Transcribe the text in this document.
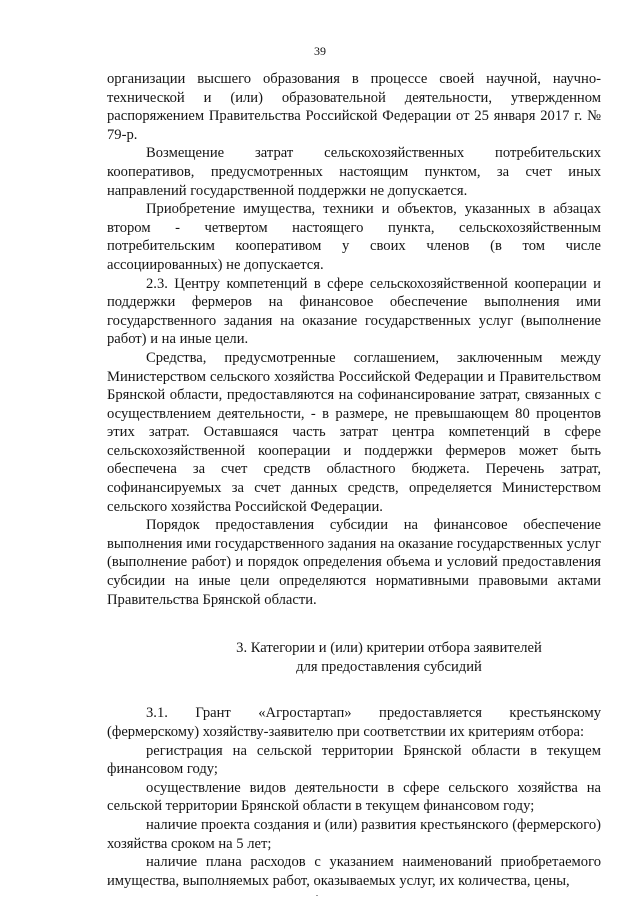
39

организации высшего образования в процессе своей научной, научно-технической и (или) образовательной деятельности, утвержденном распоряжением Правительства Российской Федерации от 25 января 2017 г. № 79-р.

Возмещение затрат сельскохозяйственных потребительских кооперативов, предусмотренных настоящим пунктом, за счет иных направлений государственной поддержки не допускается.

Приобретение имущества, техники и объектов, указанных в абзацах втором - четвертом настоящего пункта, сельскохозяйственным потребительским кооперативом у своих членов (в том числе ассоциированных) не допускается.

2.3. Центру компетенций в сфере сельскохозяйственной кооперации и поддержки фермеров на финансовое обеспечение выполнения ими государственного задания на оказание государственных услуг (выполнение работ) и на иные цели.

Средства, предусмотренные соглашением, заключенным между Министерством сельского хозяйства Российской Федерации и Правительством Брянской области, предоставляются на софинансирование затрат, связанных с осуществлением деятельности, - в размере, не превышающем 80 процентов этих затрат. Оставшаяся часть затрат центра компетенций в сфере сельскохозяйственной кооперации и поддержки фермеров может быть обеспечена за счет средств областного бюджета. Перечень затрат, софинансируемых за счет данных средств, определяется Министерством сельского хозяйства Российской Федерации.

Порядок предоставления субсидии на финансовое обеспечение выполнения ими государственного задания на оказание государственных услуг (выполнение работ) и порядок определения объема и условий предоставления субсидии на иные цели определяются нормативными правовыми актами Правительства Брянской области.

3. Категории и (или) критерии отбора заявителей
для предоставления субсидий

3.1. Грант «Агростартап» предоставляется крестьянскому (фермерскому) хозяйству-заявителю при соответствии их критериям отбора:

регистрация на сельской территории Брянской области в текущем финансовом году;

осуществление видов деятельности в сфере сельского хозяйства на сельской территории Брянской области в текущем финансовом году;

наличие проекта создания и (или) развития крестьянского (фермерского) хозяйства сроком на 5 лет;

наличие плана расходов с указанием наименований приобретаемого имущества, выполняемых работ, оказываемых услуг, их количества, цены,
